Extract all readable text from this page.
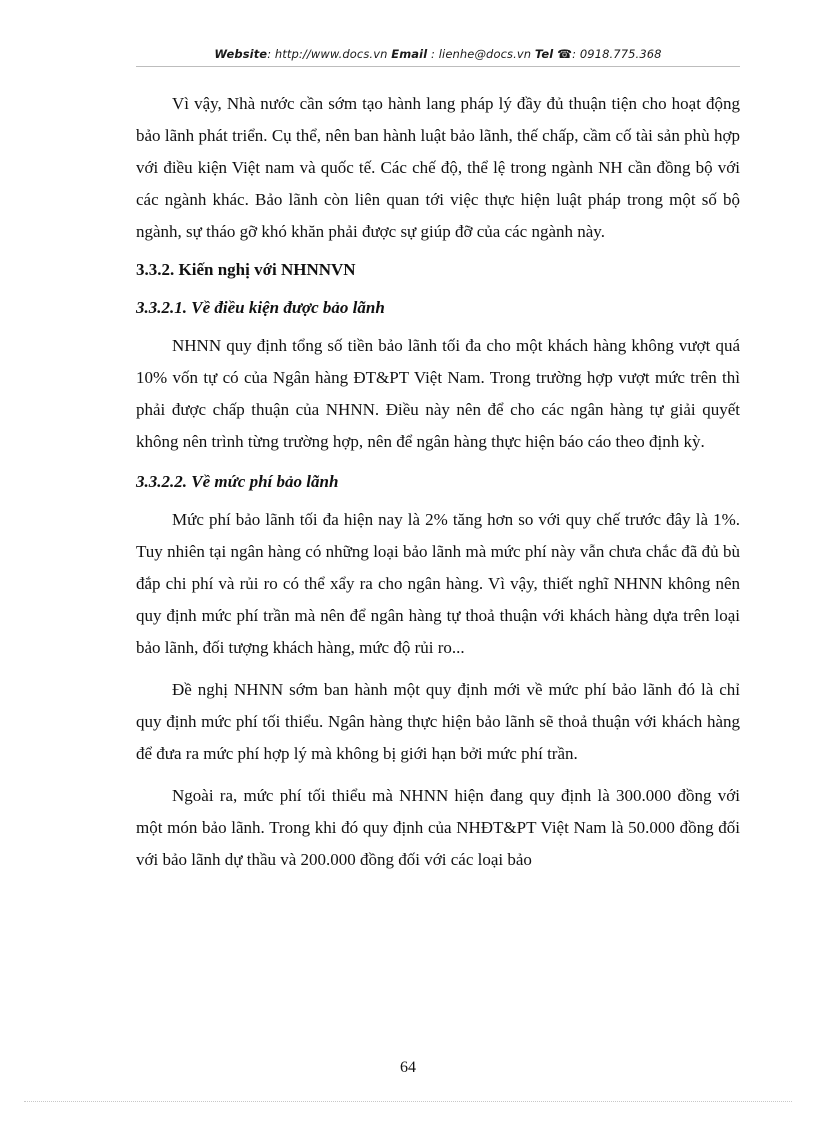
Website: http://www.docs.vn Email : lienhe@docs.vn Tel ☎: 0918.775.368

Vì vậy, Nhà nước cần sớm tạo hành lang pháp lý đầy đủ thuận tiện cho hoạt động bảo lãnh phát triển. Cụ thể, nên ban hành luật bảo lãnh, thế chấp, cầm cố tài sản phù hợp với điều kiện Việt nam và quốc tế. Các chế độ, thể lệ trong ngành NH cần đồng bộ với các ngành khác. Bảo lãnh còn liên quan tới việc thực hiện luật pháp trong một số bộ ngành, sự tháo gỡ khó khăn phải được sự giúp đỡ của các ngành này.

3.3.2. Kiến nghị với NHNNVN
3.3.2.1. Về điều kiện được bảo lãnh

NHNN quy định tổng số tiền bảo lãnh tối đa cho một khách hàng không vượt quá 10% vốn tự có của Ngân hàng ĐT&PT Việt Nam. Trong trường hợp vượt mức trên thì phải được chấp thuận của NHNN. Điều này nên để cho các ngân hàng tự giải quyết không nên trình từng trường hợp, nên để ngân hàng thực hiện báo cáo theo định kỳ.

3.3.2.2. Về mức phí bảo lãnh

Mức phí bảo lãnh tối đa hiện nay là 2% tăng hơn so với quy chế trước đây là 1%. Tuy nhiên tại ngân hàng có những loại bảo lãnh mà mức phí này vẫn chưa chắc đã đủ bù đắp chi phí và rủi ro có thể xẩy ra cho ngân hàng. Vì vậy, thiết nghĩ NHNN không nên quy định mức phí trần mà nên để ngân hàng tự thoả thuận với khách hàng dựa trên loại bảo lãnh, đối tượng khách hàng, mức độ rủi ro...

Đề nghị NHNN sớm ban hành một quy định mới về mức phí bảo lãnh đó là chỉ quy định mức phí tối thiểu. Ngân hàng thực hiện bảo lãnh sẽ thoả thuận với khách hàng để đưa ra mức phí hợp lý mà không bị giới hạn bởi mức phí trần.

Ngoài ra, mức phí tối thiểu mà NHNN hiện đang quy định là 300.000 đồng với một món bảo lãnh. Trong khi đó quy định của NHĐT&PT Việt Nam là 50.000 đồng đối với bảo lãnh dự thầu và 200.000 đồng đối với các loại bảo

64
